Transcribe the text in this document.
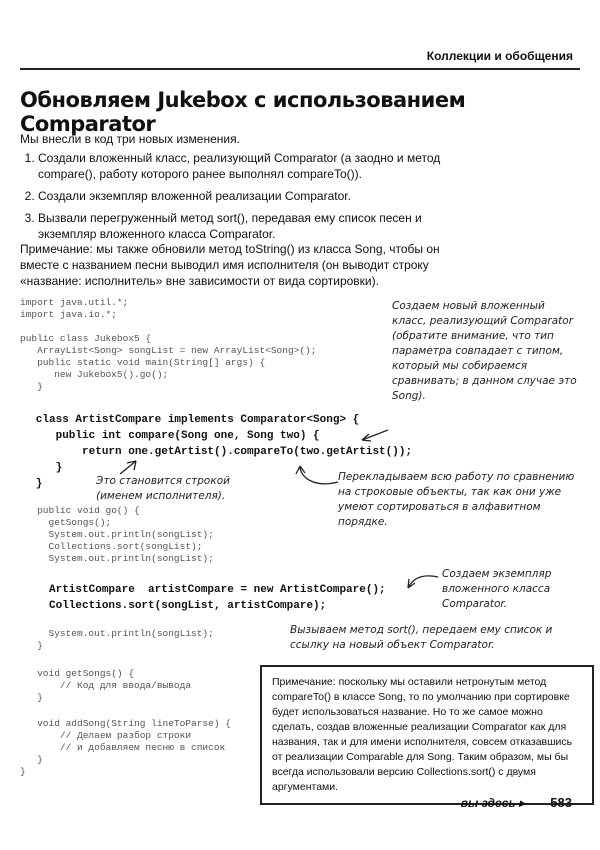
Коллекции и обобщения
Обновляем Jukebox с использованием Comparator
Мы внесли в код три новых изменения.
1. Создали вложенный класс, реализующий Comparator (а заодно и метод compare(), работу которого ранее выполнял compareTo()).
2. Создали экземпляр вложенной реализации Comparator.
3. Вызвали перегруженный метод sort(), передавая ему список песен и экземпляр вложенного класса Comparator.
Примечание: мы также обновили метод toString() из класса Song, чтобы он вместе с названием песни выводил имя исполнителя (он выводит строку «название: исполнитель» вне зависимости от вида сортировки).
import java.util.*;
import java.io.*;

public class Jukebox5 {
ArrayList<Song> songList = new ArrayList<Song>();
public static void main(String[] args) {
new Jukebox5().go();
}
class ArtistCompare implements Comparator<Song> {
public int compare(Song one, Song two) {
return one.getArtist().compareTo(two.getArtist());
}
}
public void go() {
getSongs();
System.out.println(songList);
Collections.sort(songList);
System.out.println(songList);
ArtistCompare  artistCompare = new ArtistCompare();
Collections.sort(songList, artistCompare);
System.out.println(songList);
}
void getSongs() {
// Код для ввода/вывода
}
void addSong(String lineToParse) {
// Делаем разбор строки
// и добавляем песню в список
}
}
Создаем новый вложенный класс, реализующий Comparator (обратите внимание, что тип параметра совпадает с типом, который мы собираемся сравнивать; в данном случае это Song).
Это становится строкой (именем исполнителя).
Перекладываем всю работу по сравнению на строковые объекты, так как они уже умеют сортироваться в алфавитном порядке.
Создаем экземпляр вложенного класса Comparator.
Вызываем метод sort(), передаем ему список и ссылку на новый объект Comparator.
Примечание: поскольку мы оставили нетронутым метод compareTo() в классе Song, то по умолчанию при сортировке будет использоваться название. Но то же самое можно сделать, создав вложенные реализации Comparator как для названия, так и для имени исполнителя, совсем отказавшись от реализации Comparable для Song. Таким образом, мы бы всегда использовали версию Collections.sort() с двумя аргументами.
вы здесь ▸ 583
